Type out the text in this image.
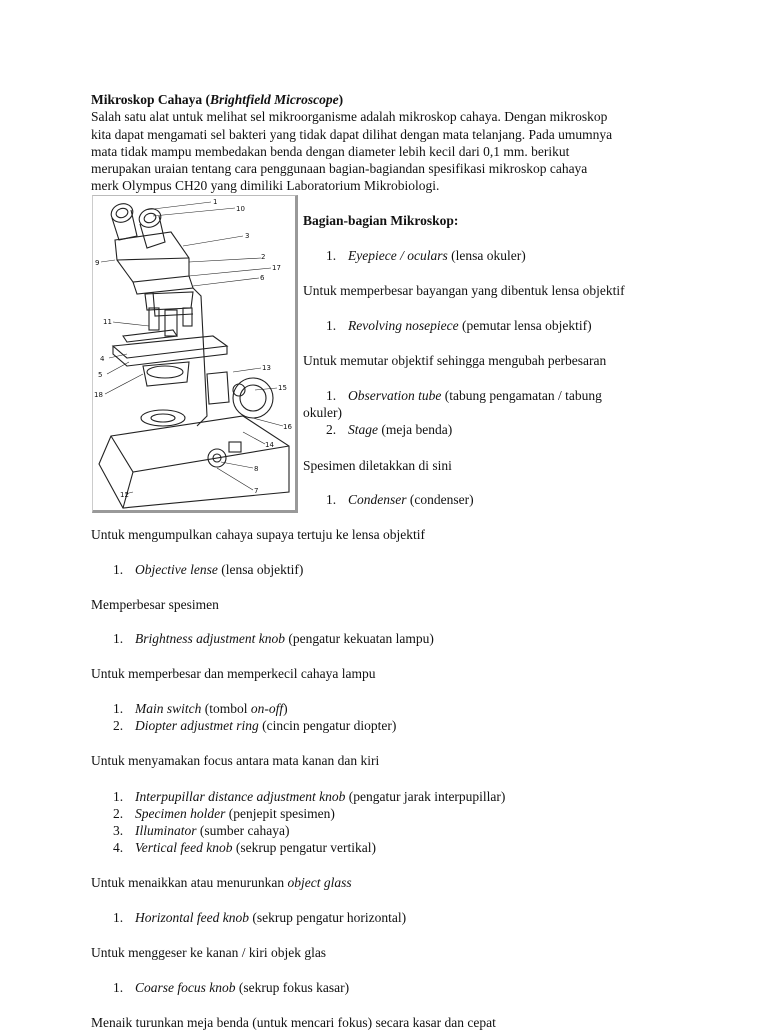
Mikroskop Cahaya (Brightfield Microscope)
Salah satu alat untuk melihat sel mikroorganisme adalah mikroskop cahaya. Dengan mikroskop
kita dapat mengamati sel bakteri yang tidak dapat dilihat dengan mata telanjang. Pada umumnya
mata tidak mampu membedakan benda dengan diameter lebih kecil dari 0,1 mm. berikut
merupakan uraian tentang cara penggunaan bagian-bagiandan spesifikasi mikroskop cahaya
merk Olympus CH20 yang dimiliki Laboratorium Mikrobiologi.
1
10
3
2
17
6
9
11
4
5
18
13
15
16
14
8
7
12
Bagian-bagian Mikroskop:
1. Eyepiece / oculars (lensa okuler)
Untuk memperbesar bayangan yang dibentuk lensa objektif
1. Revolving nosepiece (pemutar lensa objektif)
Untuk memutar objektif sehingga mengubah perbesaran
1. Observation tube (tabung pengamatan / tabung
okuler)
2. Stage (meja benda)
Spesimen diletakkan di sini
1. Condenser (condenser)
Untuk mengumpulkan cahaya supaya tertuju ke lensa objektif
1. Objective lense (lensa objektif)
Memperbesar spesimen
1. Brightness adjustment knob (pengatur kekuatan lampu)
Untuk memperbesar dan memperkecil cahaya lampu
1. Main switch (tombol on-off)
2. Diopter adjustmet ring (cincin pengatur diopter)
Untuk menyamakan focus antara mata kanan dan kiri
1. Interpupillar distance adjustment knob (pengatur jarak interpupillar)
2. Specimen holder (penjepit spesimen)
3. Illuminator (sumber cahaya)
4. Vertical feed knob (sekrup pengatur vertikal)
Untuk menaikkan atau menurunkan object glass
1. Horizontal feed knob (sekrup pengatur horizontal)
Untuk menggeser ke kanan / kiri objek glas
1. Coarse focus knob (sekrup fokus kasar)
Menaik turunkan meja benda (untuk mencari fokus) secara kasar dan cepat
